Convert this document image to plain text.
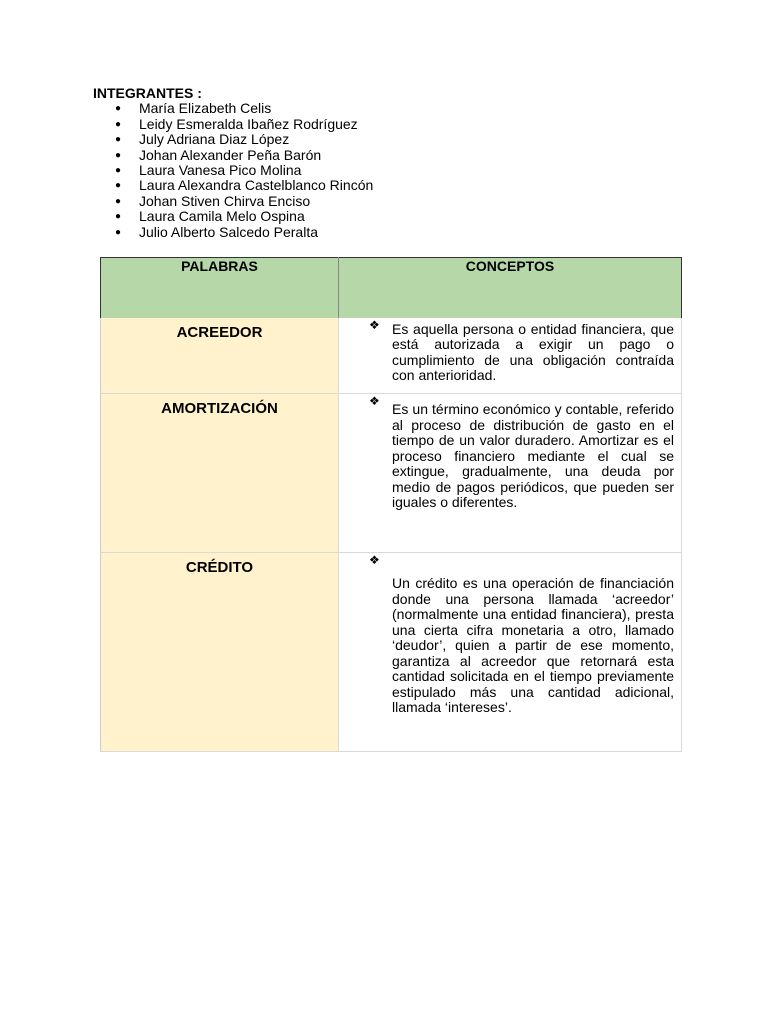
INTEGRANTES :

● María Elizabeth Celis
● Leidy Esmeralda Ibañez Rodríguez
● July Adriana Diaz López
● Johan Alexander Peña Barón
● Laura Vanesa Pico Molina
● Laura Alexandra Castelblanco Rincón
● Johan Stiven Chirva Enciso
● Laura Camila Melo Ospina
● Julio Alberto Salcedo Peralta
PALABRAS	CONCEPTOS
ACREEDOR	❖ Es aquella persona o entidad financiera, que está autorizada a exigir un pago o cumplimiento de una obligación contraída con anterioridad.

AMORTIZACIÓN	❖ Es un término económico y contable, referido al proceso de distribución de gasto en el tiempo de un valor duradero. Amortizar es el proceso financiero mediante el cual se extingue, gradualmente, una deuda por medio de pagos periódicos, que pueden ser iguales o diferentes.

CRÉDITO	❖
Un crédito es una operación de financiación donde una persona llamada ‘acreedor’ (normalmente una entidad financiera), presta una cierta cifra monetaria a otro, llamado ‘deudor’, quien a partir de ese momento, garantiza al acreedor que retornará esta cantidad solicitada en el tiempo previamente estipulado más una cantidad adicional, llamada ‘intereses’.
